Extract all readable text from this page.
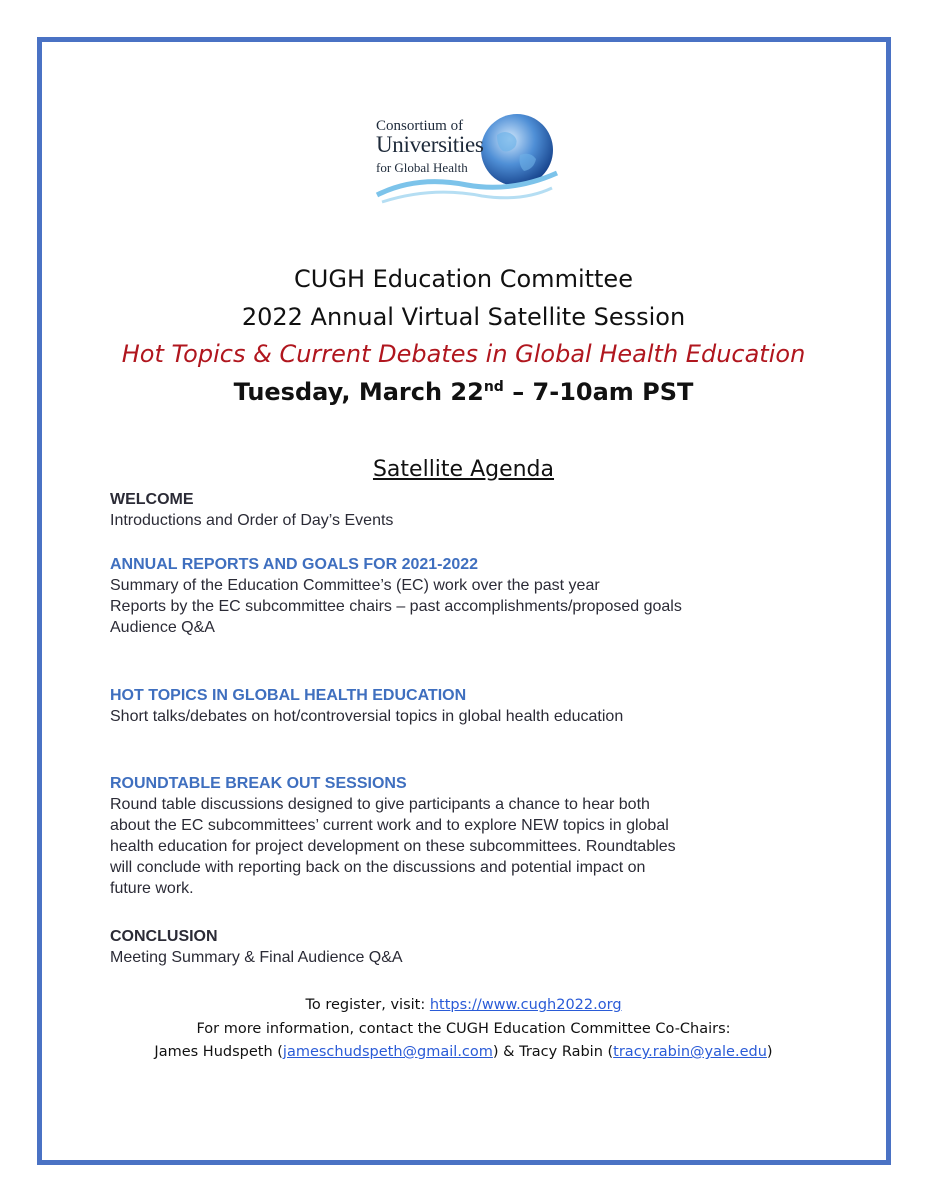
Consortium of
Universities
for Global Health
CUGH Education Committee
2022 Annual Virtual Satellite Session
Hot Topics & Current Debates in Global Health Education
Tuesday, March 22nd – 7-10am PST
Satellite Agenda

WELCOME

Introductions and Order of Day’s Events

ANNUAL REPORTS AND GOALS FOR 2021-2022

Summary of the Education Committee’s (EC) work over the past year

Reports by the EC subcommittee chairs – past accomplishments/proposed goals

Audience Q&A

HOT TOPICS IN GLOBAL HEALTH EDUCATION

Short talks/debates on hot/controversial topics in global health education

ROUNDTABLE BREAK OUT SESSIONS

Round table discussions designed to give participants a chance to hear both

about the EC subcommittees’ current work and to explore NEW topics in global

health education for project development on these subcommittees. Roundtables

will conclude with reporting back on the discussions and potential impact on

future work.

CONCLUSION

Meeting Summary & Final Audience Q&A

To register, visit: https://www.cugh2022.org
For more information, contact the CUGH Education Committee Co-Chairs:
James Hudspeth (jameschudspeth@gmail.com) & Tracy Rabin (tracy.rabin@yale.edu)
